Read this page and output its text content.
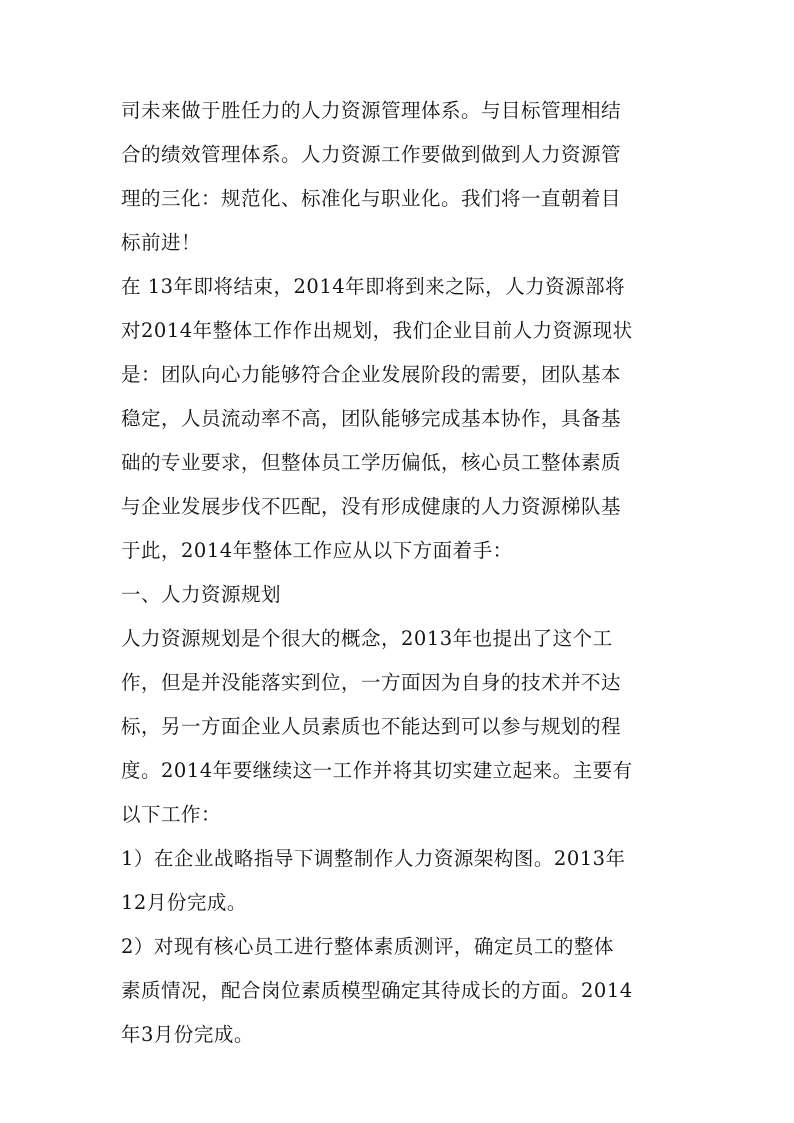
司未来做于胜任力的人力资源管理体系。与目标管理相结
合的绩效管理体系。人力资源工作要做到做到人力资源管
理的三化：规范化、标准化与职业化。我们将一直朝着目
标前进！
在 13年即将结束，2014年即将到来之际，人力资源部将
对2014年整体工作作出规划，我们企业目前人力资源现状
是：团队向心力能够符合企业发展阶段的需要，团队基本
稳定，人员流动率不高，团队能够完成基本协作，具备基
础的专业要求，但整体员工学历偏低，核心员工整体素质
与企业发展步伐不匹配，没有形成健康的人力资源梯队基
于此，2014年整体工作应从以下方面着手：
一、人力资源规划
人力资源规划是个很大的概念，2013年也提出了这个工
作，但是并没能落实到位，一方面因为自身的技术并不达
标，另一方面企业人员素质也不能达到可以参与规划的程
度。2014年要继续这一工作并将其切实建立起来。主要有
以下工作：
1）在企业战略指导下调整制作人力资源架构图。2013年
12月份完成。
2）对现有核心员工进行整体素质测评，确定员工的整体
素质情况，配合岗位素质模型确定其待成长的方面。2014
年3月份完成。
